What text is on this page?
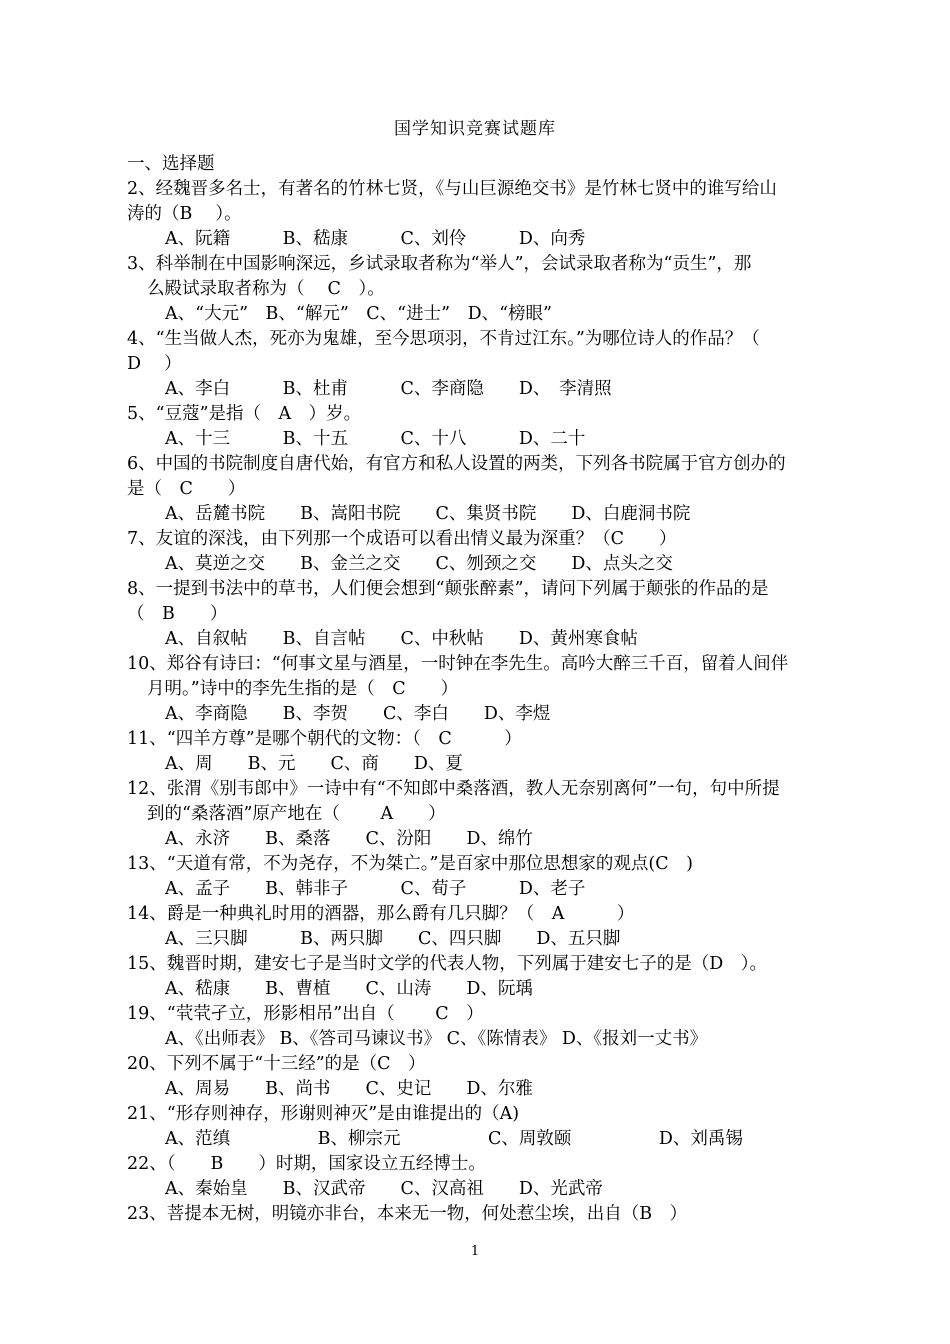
国学知识竞赛试题库
一、选择题
2、经魏晋多名士，有著名的竹林七贤，《与山巨源绝交书》是竹林七贤中的谁写给山
涛的（B　 ）。
A、阮籍　　　B、嵇康　　　C、刘伶　　　D、向秀
3、科举制在中国影响深远，乡试录取者称为“举人”，会试录取者称为“贡生”，那
么殿试录取者称为（　 C　）。
A、“大元”　B、“解元”　C、“进士”　D、“榜眼”
4、“生当做人杰，死亦为鬼雄，至今思项羽，不肯过江东。”为哪位诗人的作品？（
D　 ）
A、李白　　　B、杜甫　　　C、李商隐　　D、　李清照
5、“豆蔻”是指（　A　）岁。
A、十三　　　B、十五　　　C、十八　　　D、二十
6、中国的书院制度自唐代始，有官方和私人设置的两类，下列各书院属于官方创办的
是（　C　　）
A、岳麓书院　　B、嵩阳书院　　C、集贤书院　　D、白鹿洞书院
7、友谊的深浅，由下列那一个成语可以看出情义最为深重？（C　　）
A、莫逆之交　　B、金兰之交　　C、刎颈之交　　D、点头之交
8、一提到书法中的草书，人们便会想到“颠张醉素”，请问下列属于颠张的作品的是
（　B　　）
A、自叙帖　　B、自言帖　　C、中秋帖　　D、黄州寒食帖
10、郑谷有诗曰：“何事文星与酒星，一时钟在李先生。高吟大醉三千百，留着人间伴
月明。”诗中的李先生指的是（　C　　）
A、李商隐　　B、李贺　　C、李白　　D、李煜
11、“四羊方尊”是哪个朝代的文物：（　C　　　）
A、周　　B、元　　C、商　　D、夏
12、张渭《别韦郎中》一诗中有“不知郎中桑落酒，教人无奈别离何”一句，句中所提
到的“桑落酒”原产地在（　　 A　　）
A、永济　　B、桑落　　C、汾阳　　D、绵竹
13、“天道有常，不为尧存，不为桀亡。”是百家中那位思想家的观点(C　)
A、孟子　　B、韩非子　　　C、荀子　　　D、老子
14、爵是一种典礼时用的酒器，那么爵有几只脚？（　A　　　）
A、三只脚　　　B、两只脚　　C、四只脚　　D、五只脚
15、魏晋时期，建安七子是当时文学的代表人物，下列属于建安七子的是（D　）。
A、嵇康　　B、曹植　　C、山涛　　D、阮瑀
19、“茕茕孑立，形影相吊”出自（　　 C　）
A、《出师表》 B、《答司马谏议书》 C、《陈情表》 D、《报刘一丈书》
20、下列不属于“十三经”的是（C　）
A、周易　　B、尚书　　C、史记　　D、尔雅
21、“形存则神存，形谢则神灭”是由谁提出的（A)
A、范缜　　　　　B、柳宗元　　　　　C、周敦颐　　　　　D、刘禹锡
22、（　　B　　）时期，国家设立五经博士。
A、秦始皇　　B、汉武帝　　C、汉高祖　　D、光武帝
23、菩提本无树，明镜亦非台，本来无一物，何处惹尘埃，出自（B　）
1
